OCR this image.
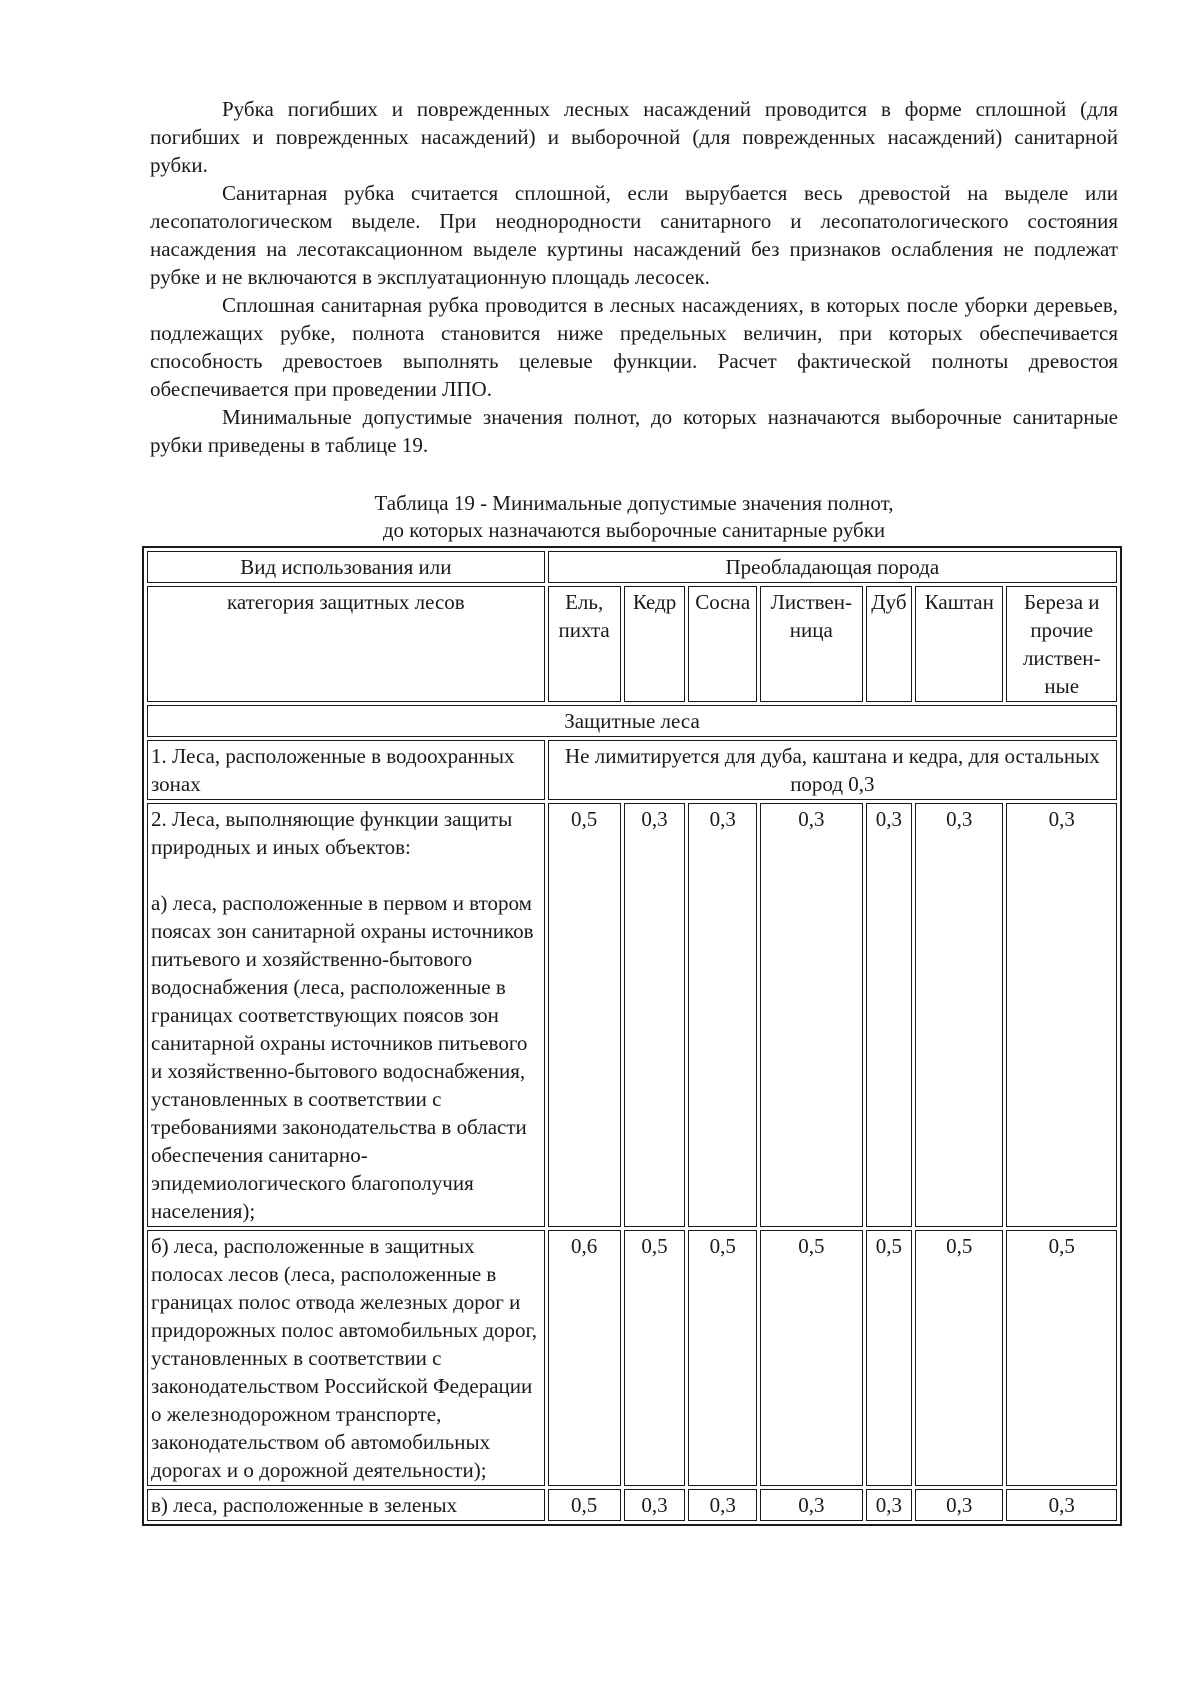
Рубка погибших и поврежденных лесных насаждений проводится в форме сплошной (для погибших и поврежденных насаждений) и выборочной (для поврежденных насаждений) санитарной рубки.

Санитарная рубка считается сплошной, если вырубается весь древостой на выделе или лесопатологическом выделе. При неоднородности санитарного и лесопатологического состояния насаждения на лесотаксационном выделе куртины насаждений без признаков ослабления не подлежат рубке и не включаются в эксплуатационную площадь лесосек.

Сплошная санитарная рубка проводится в лесных насаждениях, в которых после уборки деревьев, подлежащих рубке, полнота становится ниже предельных величин, при которых обеспечивается способность древостоев выполнять целевые функции. Расчет фактической полноты древостоя обеспечивается при проведении ЛПО.

Минимальные допустимые значения полнот, до которых назначаются выборочные санитарные рубки приведены в таблице 19.

Таблица 19 - Минимальные допустимые значения полнот,
до которых назначаются выборочные санитарные рубки

Вид использования или	Преобладающая порода						
категория защитных лесов	Ель, пихта	Кедр	Сосна	Листвен-ница	Дуб	Каштан	Береза и прочие листвен-ные
Защитные леса							
1. Леса, расположенные в водоохранных зонах	Не лимитируется для дуба, каштана и кедра, для остальных пород 0,3						
2. Леса, выполняющие функции защиты природных и иных объектов:
а) леса, расположенные в первом и втором поясах зон санитарной охраны источников питьевого и хозяйственно-бытового водоснабжения (леса, расположенные в границах соответствующих поясов зон санитарной охраны источников питьевого и хозяйственно-бытового водоснабжения, установленных в соответствии с требованиями законодательства в области обеспечения санитарно-эпидемиологического благополучия населения);	0,5	0,3	0,3	0,3	0,3	0,3	0,3
б) леса, расположенные в защитных полосах лесов (леса, расположенные в границах полос отвода железных дорог и придорожных полос автомобильных дорог, установленных в соответствии с законодательством Российской Федерации о железнодорожном транспорте, законодательством об автомобильных дорогах и о дорожной деятельности);	0,6	0,5	0,5	0,5	0,5	0,5	0,5
в) леса, расположенные в зеленых	0,5	0,3	0,3	0,3	0,3	0,3	0,3
